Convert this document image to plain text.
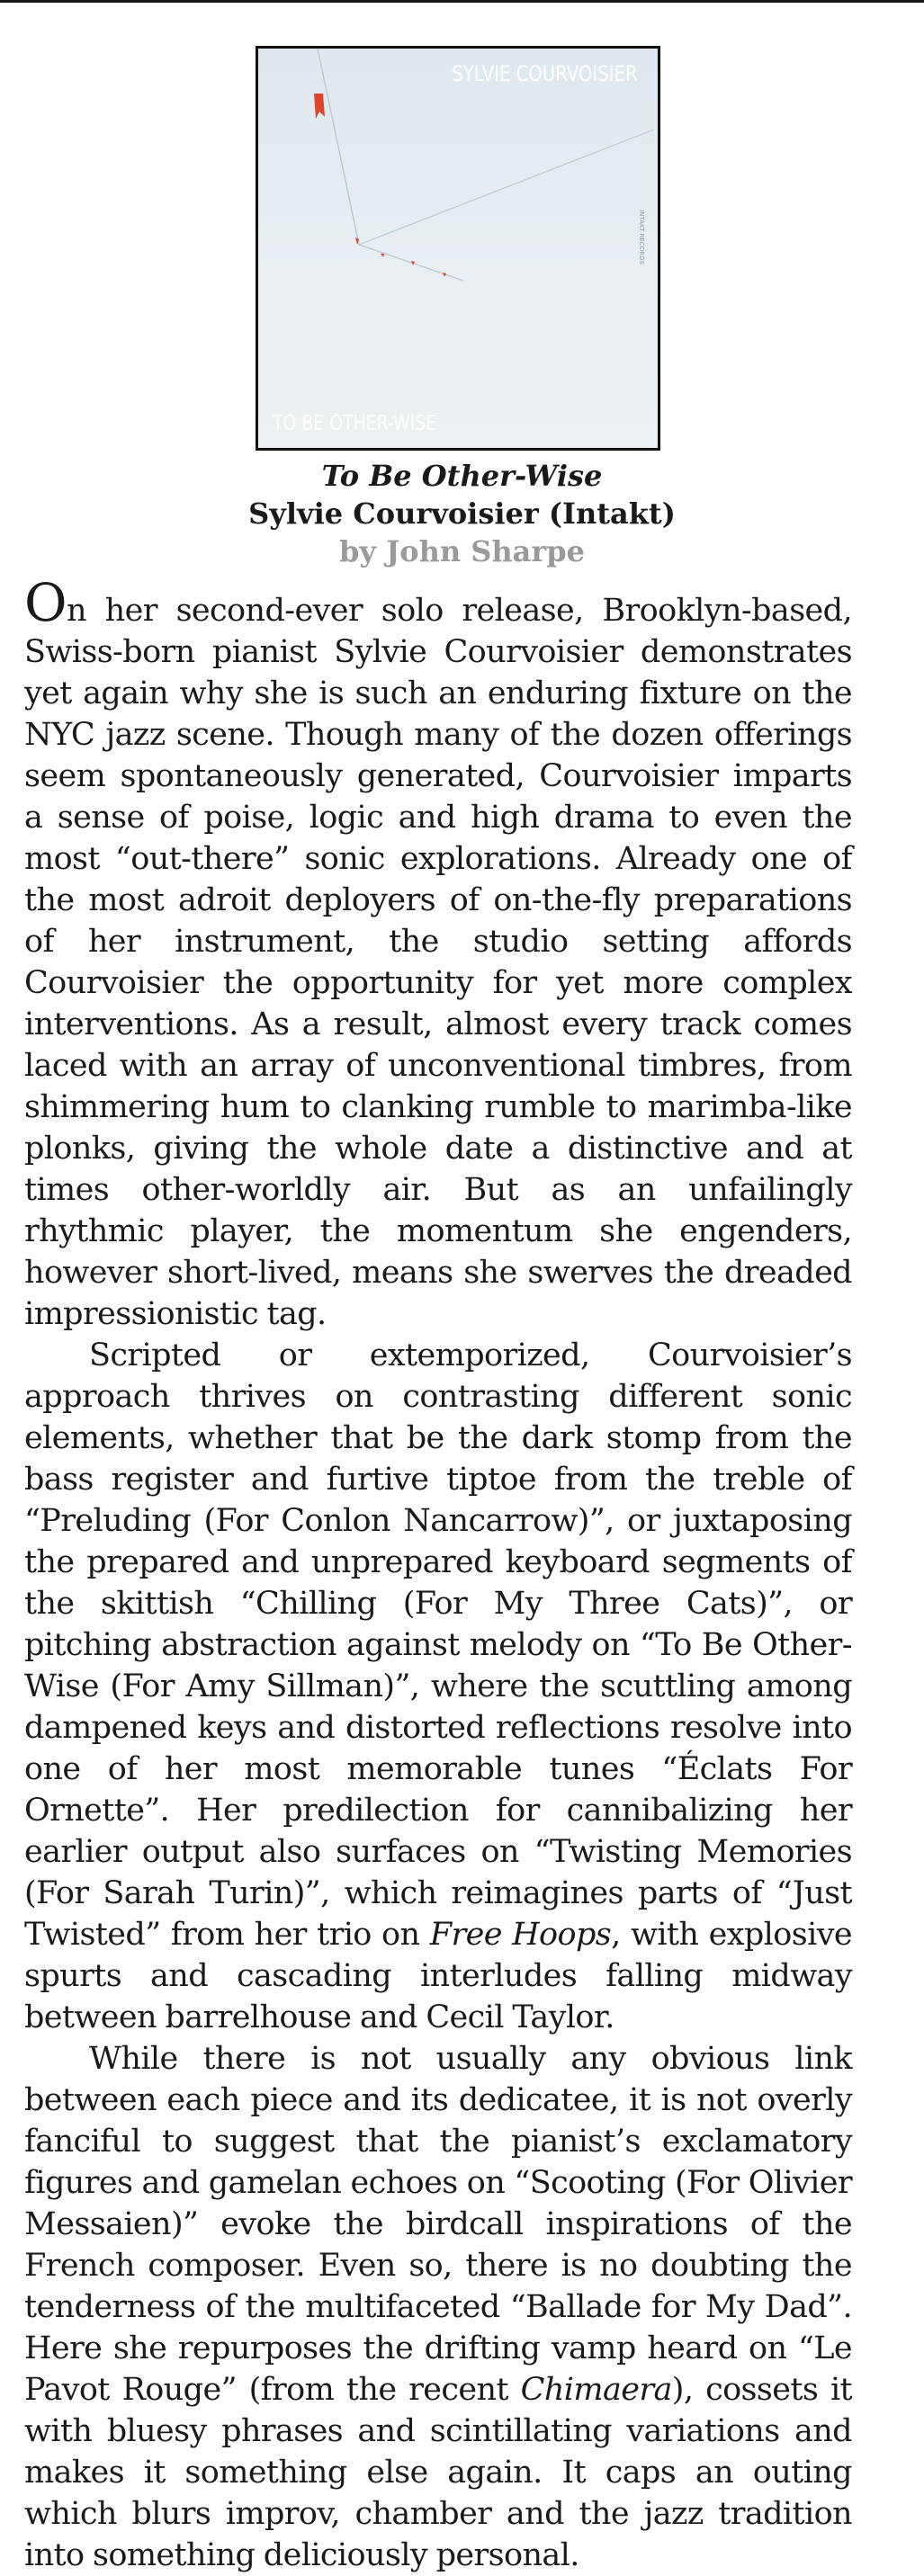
SYLVIE COURVOISIER
TO BE OTHER-WISE
INTAKT RECORDS
To Be Other-Wise
Sylvie Courvoisier (Intakt)
by John Sharpe

On her second-ever solo release, Brooklyn-based, Swiss-born pianist Sylvie Courvoisier demonstrates yet again why she is such an enduring fixture on the NYC jazz scene. Though many of the dozen offerings seem spontaneously generated, Courvoisier imparts a sense of poise, logic and high drama to even the most “out-there” sonic explorations. Already one of the most adroit deployers of on-the-fly preparations of her instrument, the studio setting affords Courvoisier the opportunity for yet more complex interventions. As a result, almost every track comes laced with an array of unconventional timbres, from shimmering hum to clanking rumble to marimba-like plonks, giving the whole date a distinctive and at times other-worldly air. But as an unfailingly rhythmic player, the momentum she engenders, however short-lived, means she swerves the dreaded impressionistic tag.

Scripted or extemporized, Courvoisier’s approach thrives on contrasting different sonic elements, whether that be the dark stomp from the bass register and furtive tiptoe from the treble of “Preluding (For Conlon Nancarrow)”, or juxtaposing the prepared and unprepared keyboard segments of the skittish “Chilling (For My Three Cats)”, or pitching abstraction against melody on “To Be Other-Wise (For Amy Sillman)”, where the scuttling among dampened keys and distorted reflections resolve into one of her most memorable tunes “Éclats For Ornette”. Her predilection for cannibalizing her earlier output also surfaces on “Twisting Memories (For Sarah Turin)”, which reimagines parts of “Just Twisted” from her trio on Free Hoops, with explosive spurts and cascading interludes falling midway between barrelhouse and Cecil Taylor.

While there is not usually any obvious link between each piece and its dedicatee, it is not overly fanciful to suggest that the pianist’s exclamatory figures and gamelan echoes on “Scooting (For Olivier Messaien)” evoke the birdcall inspirations of the French composer. Even so, there is no doubting the tenderness of the multifaceted “Ballade for My Dad”. Here she repurposes the drifting vamp heard on “Le Pavot Rouge” (from the recent Chimaera), cossets it with bluesy phrases and scintillating variations and makes it something else again. It caps an outing which blurs improv, chamber and the jazz tradition into something deliciously personal.
